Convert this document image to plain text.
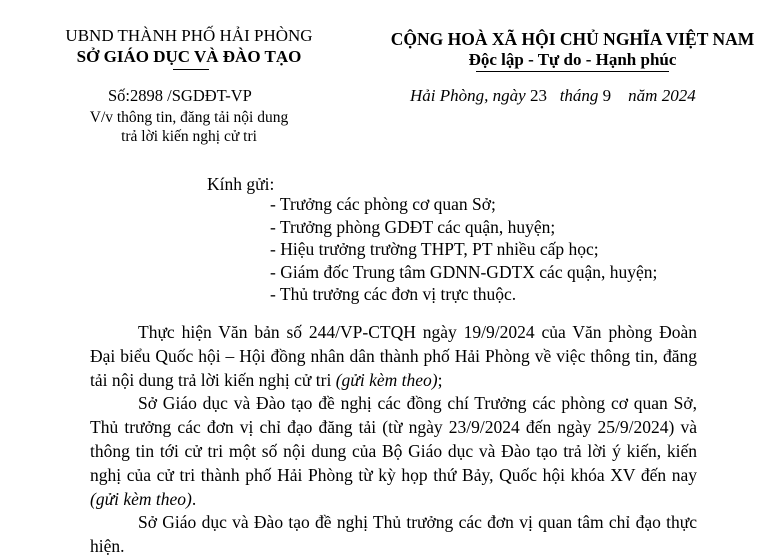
UBND THÀNH PHỐ HẢI PHÒNG
SỞ GIÁO DỤC VÀ ĐÀO TẠO
Số:2898 /SGDĐT-VP
V/v thông tin, đăng tải nội dung
trả lời kiến nghị cử tri
CỘNG HOÀ XÃ HỘI CHỦ NGHĨA VIỆT NAM
Độc lập - Tự do - Hạnh phúc
Hải Phòng, ngày 23 tháng 9 năm 2024
Kính gửi:
- Trưởng các phòng cơ quan Sở;
- Trưởng phòng GDĐT các quận, huyện;
- Hiệu trưởng trường THPT, PT nhiều cấp học;
- Giám đốc Trung tâm GDNN-GDTX các quận, huyện;
- Thủ trưởng các đơn vị trực thuộc.
Thực hiện Văn bản số 244/VP-CTQH ngày 19/9/2024 của Văn phòng Đoàn Đại biểu Quốc hội – Hội đồng nhân dân thành phố Hải Phòng về việc thông tin, đăng tải nội dung trả lời kiến nghị cử tri (gửi kèm theo);
Sở Giáo dục và Đào tạo đề nghị các đồng chí Trưởng các phòng cơ quan Sở, Thủ trưởng các đơn vị chỉ đạo đăng tải (từ ngày 23/9/2024 đến ngày 25/9/2024) và thông tin tới cử tri một số nội dung của Bộ Giáo dục và Đào tạo trả lời ý kiến, kiến nghị của cử tri thành phố Hải Phòng từ kỳ họp thứ Bảy, Quốc hội khóa XV đến nay (gửi kèm theo).
Sở Giáo dục và Đào tạo đề nghị Thủ trưởng các đơn vị quan tâm chỉ đạo thực hiện.
